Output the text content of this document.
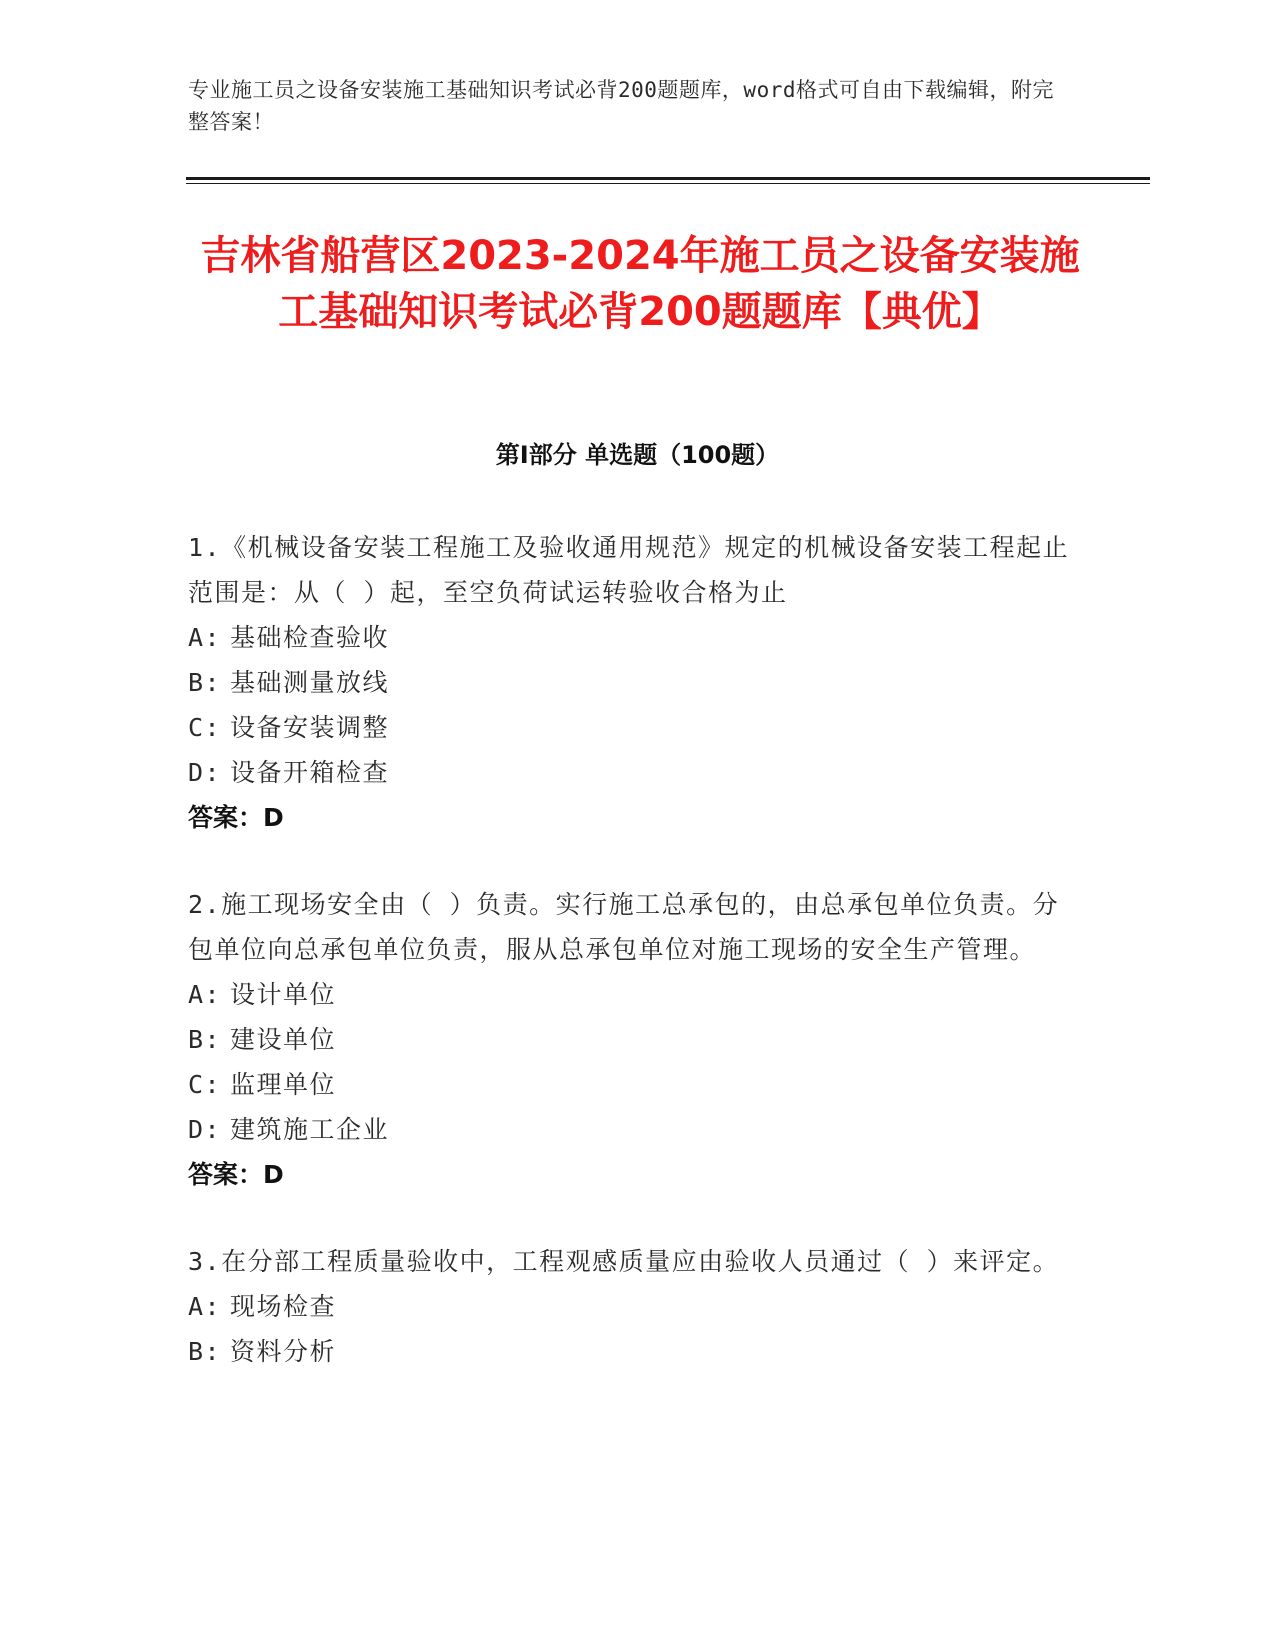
专业施工员之设备安装施工基础知识考试必背200题题库，word格式可自由下载编辑，附完整答案！
吉林省船营区2023-2024年施工员之设备安装施工基础知识考试必背200题题库【典优】
第I部分 单选题（100题）
1.《机械设备安装工程施工及验收通用规范》规定的机械设备安装工程起止范围是：从（ ）起，至空负荷试运转验收合格为止
A: 基础检查验收
B: 基础测量放线
C: 设备安装调整
D: 设备开箱检查
答案：D
2.施工现场安全由（ ）负责。实行施工总承包的，由总承包单位负责。分包单位向总承包单位负责，服从总承包单位对施工现场的安全生产管理。
A: 设计单位
B: 建设单位
C: 监理单位
D: 建筑施工企业
答案：D
3.在分部工程质量验收中，工程观感质量应由验收人员通过（ ）来评定。
A: 现场检查
B: 资料分析
